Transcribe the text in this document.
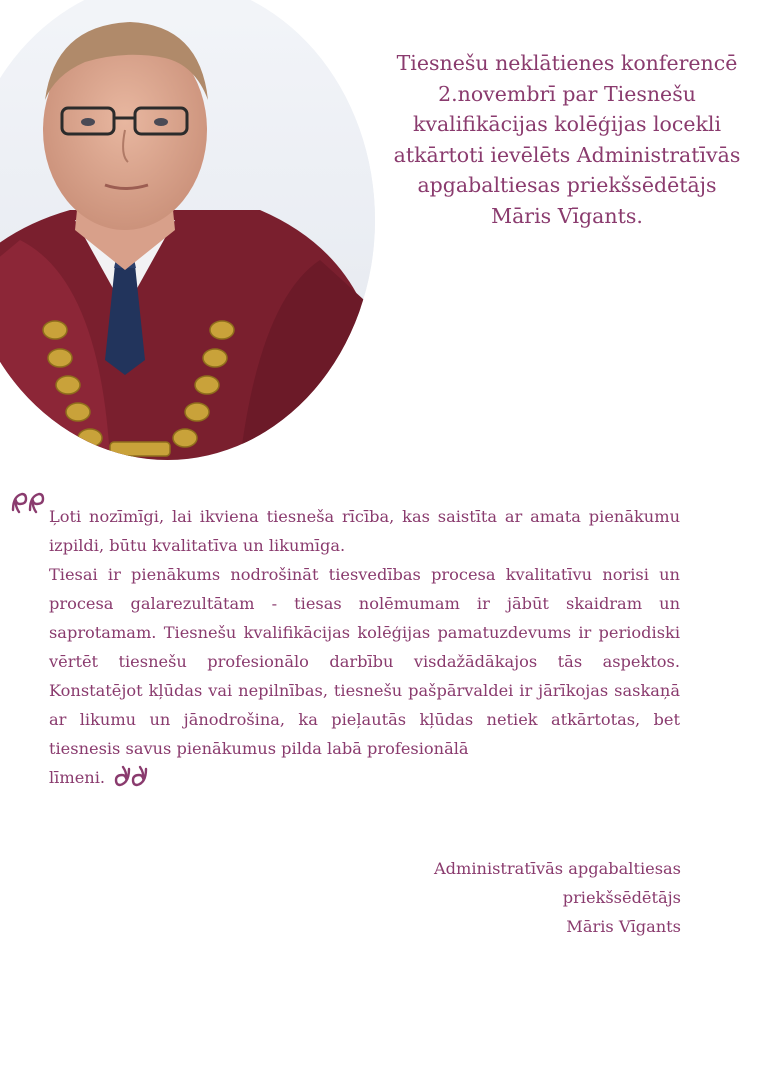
Tiesnešu neklātienes konferencē

2.novembrī par Tiesnešu

kvalifikācijas kolēģijas locekli

atkārtoti ievēlēts Administratīvās

apgabaltiesas priekšsēdētājs

Māris Vīgants.

Ļoti nozīmīgi, lai ikviena tiesneša rīcība, kas saistīta ar amata pienākumu izpildi, būtu kvalitatīva un likumīga.

Tiesai ir pienākums nodrošināt tiesvedības procesa kvalitatīvu norisi un procesa galarezultātam - tiesas nolēmumam ir jābūt skaidram un saprotamam. Tiesnešu kvalifikācijas kolēģijas pamatuzdevums ir periodiski vērtēt tiesnešu profesionālo darbību visdažādākajos tās aspektos. Konstatējot kļūdas vai nepilnības, tiesnešu pašpārvaldei ir jārīkojas saskaņā ar likumu un jānodrošina, ka pieļautās kļūdas netiek atkārtotas, bet tiesnesis savus pienākumus pilda labā profesionālā

līmeni.

Administratīvās apgabaltiesas

priekšsēdētājs

Māris Vīgants
